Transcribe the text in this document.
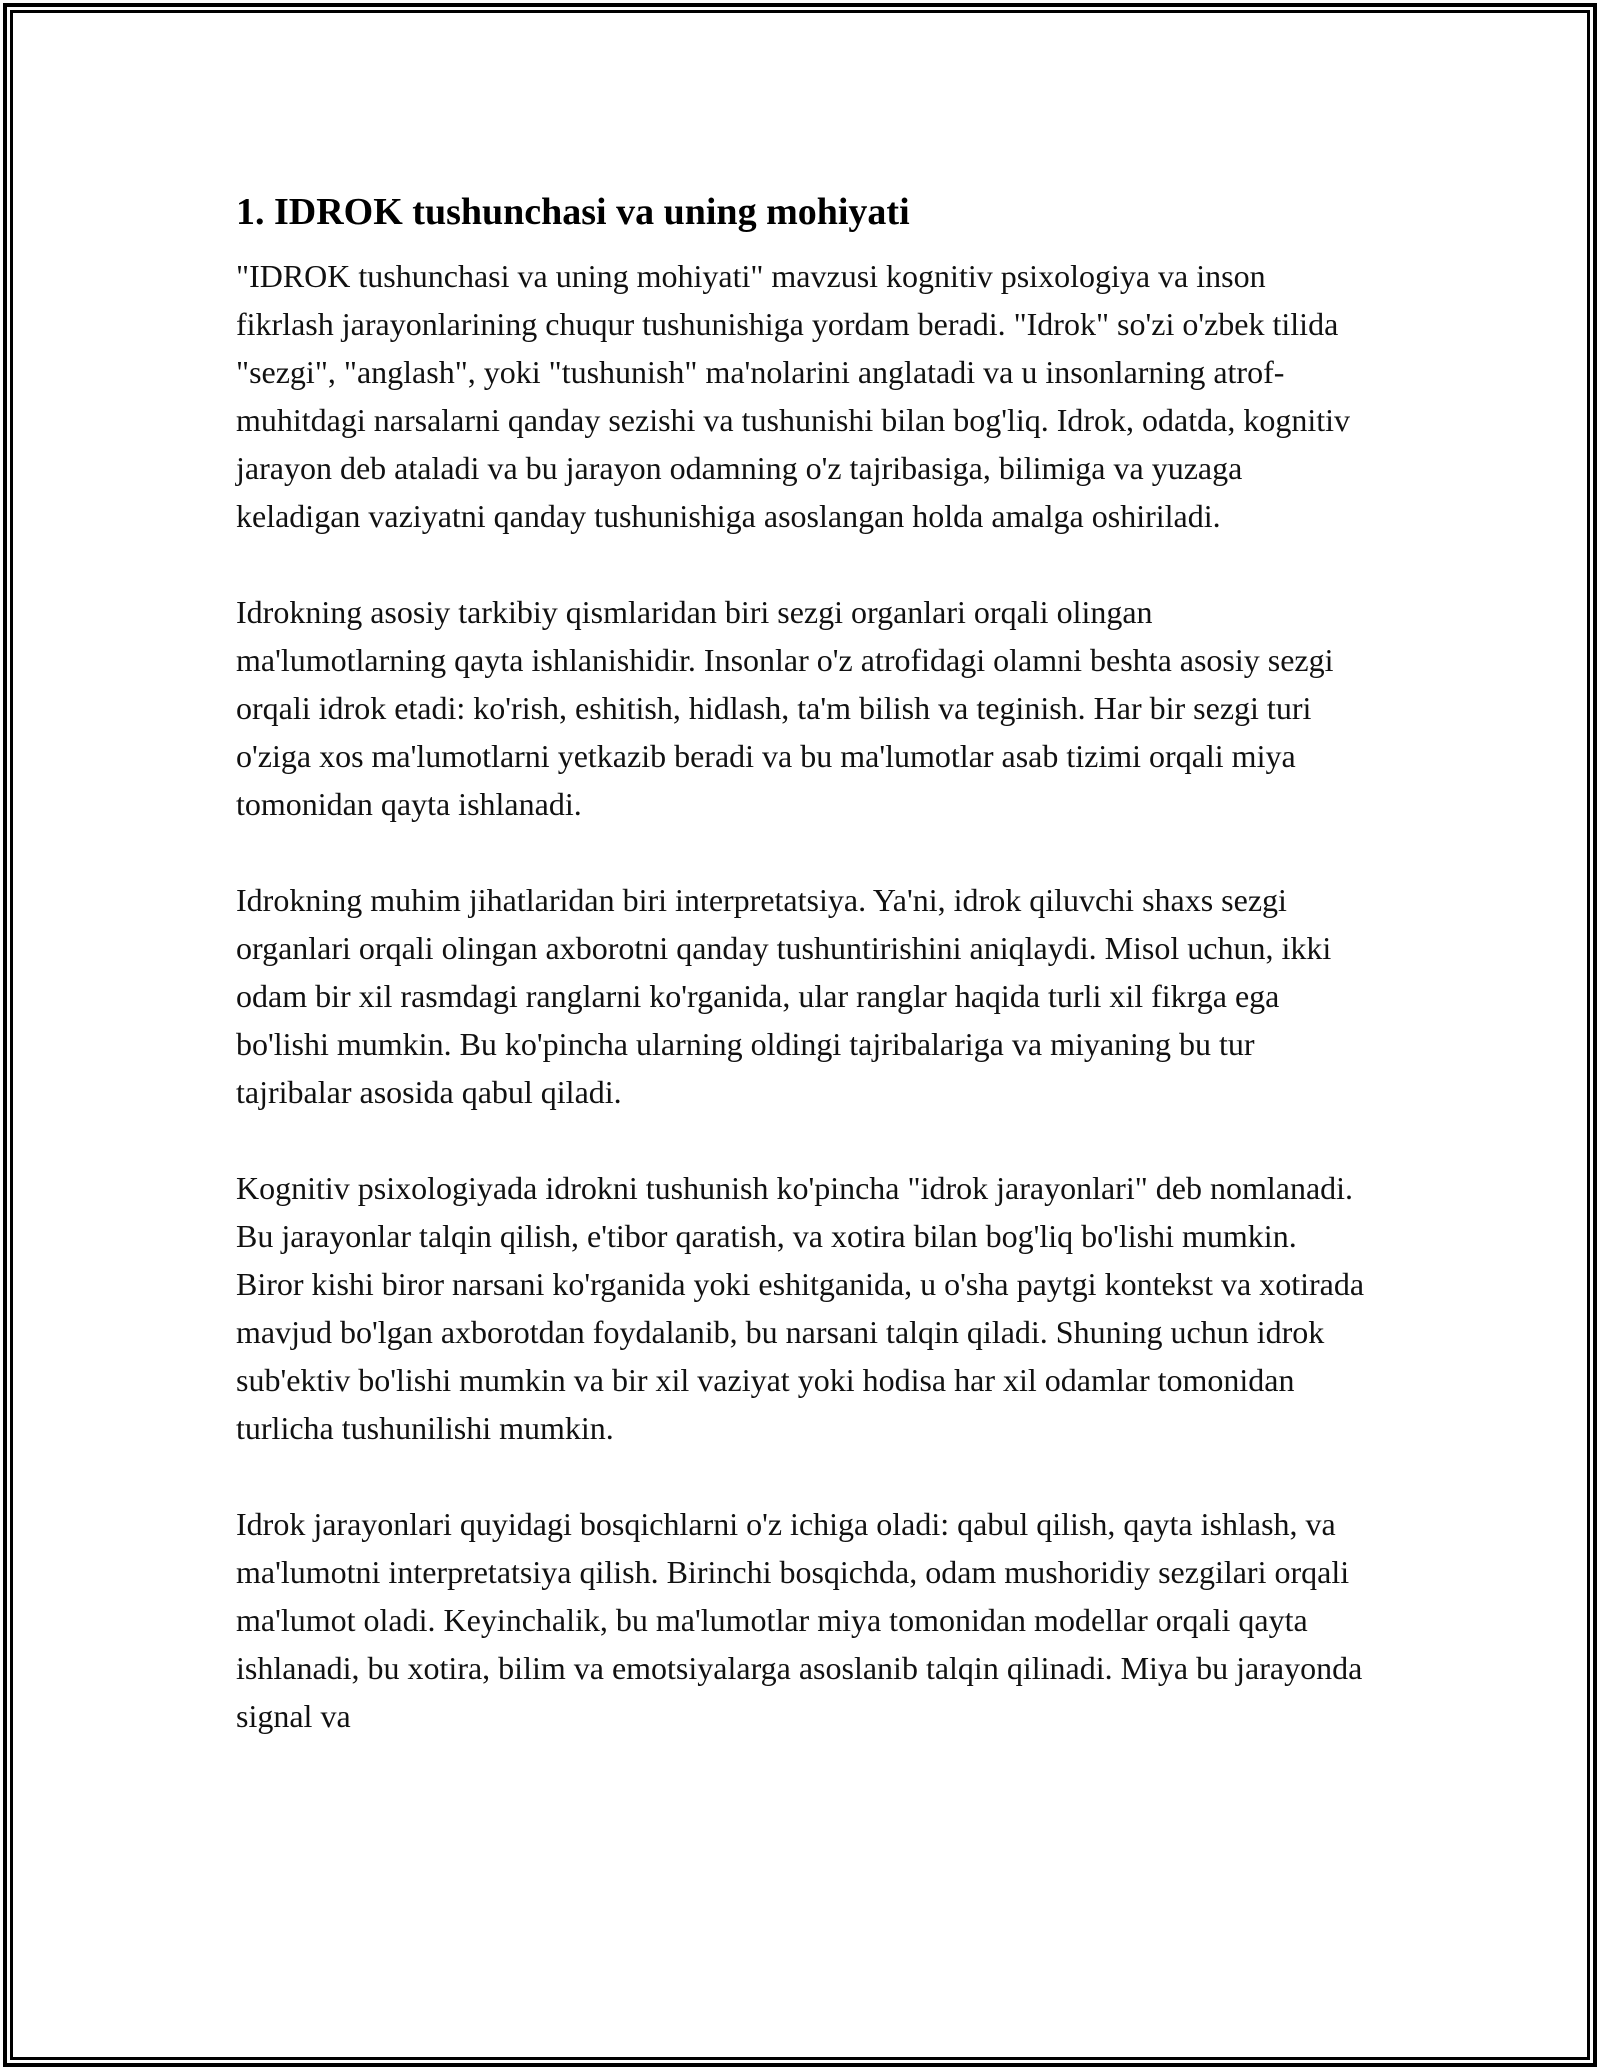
1. IDROK tushunchasi va uning mohiyati

"IDROK tushunchasi va uning mohiyati" mavzusi kognitiv psixologiya va inson fikrlash jarayonlarining chuqur tushunishiga yordam beradi. "Idrok" so'zi o'zbek tilida "sezgi", "anglash", yoki "tushunish" ma'nolarini anglatadi va u insonlarning atrof-muhitdagi narsalarni qanday sezishi va tushunishi bilan bog'liq. Idrok, odatda, kognitiv jarayon deb ataladi va bu jarayon odamning o'z tajribasiga, bilimiga va yuzaga keladigan vaziyatni qanday tushunishiga asoslangan holda amalga oshiriladi.

Idrokning asosiy tarkibiy qismlaridan biri sezgi organlari orqali olingan ma'lumotlarning qayta ishlanishidir. Insonlar o'z atrofidagi olamni beshta asosiy sezgi orqali idrok etadi: ko'rish, eshitish, hidlash, ta'm bilish va teginish. Har bir sezgi turi o'ziga xos ma'lumotlarni yetkazib beradi va bu ma'lumotlar asab tizimi orqali miya tomonidan qayta ishlanadi.

Idrokning muhim jihatlaridan biri interpretatsiya. Ya'ni, idrok qiluvchi shaxs sezgi organlari orqali olingan axborotni qanday tushuntirishini aniqlaydi. Misol uchun, ikki odam bir xil rasmdagi ranglarni ko'rganida, ular ranglar haqida turli xil fikrga ega bo'lishi mumkin. Bu ko'pincha ularning oldingi tajribalariga va miyaning bu tur tajribalar asosida qabul qiladi.

Kognitiv psixologiyada idrokni tushunish ko'pincha "idrok jarayonlari" deb nomlanadi. Bu jarayonlar talqin qilish, e'tibor qaratish, va xotira bilan bog'liq bo'lishi mumkin. Biror kishi biror narsani ko'rganida yoki eshitganida, u o'sha paytgi kontekst va xotirada mavjud bo'lgan axborotdan foydalanib, bu narsani talqin qiladi. Shuning uchun idrok sub'ektiv bo'lishi mumkin va bir xil vaziyat yoki hodisa har xil odamlar tomonidan turlicha tushunilishi mumkin.

Idrok jarayonlari quyidagi bosqichlarni o'z ichiga oladi: qabul qilish, qayta ishlash, va ma'lumotni interpretatsiya qilish. Birinchi bosqichda, odam mushoridiy sezgilari orqali ma'lumot oladi. Keyinchalik, bu ma'lumotlar miya tomonidan modellar orqali qayta ishlanadi, bu xotira, bilim va emotsiyalarga asoslanib talqin qilinadi. Miya bu jarayonda signal va
